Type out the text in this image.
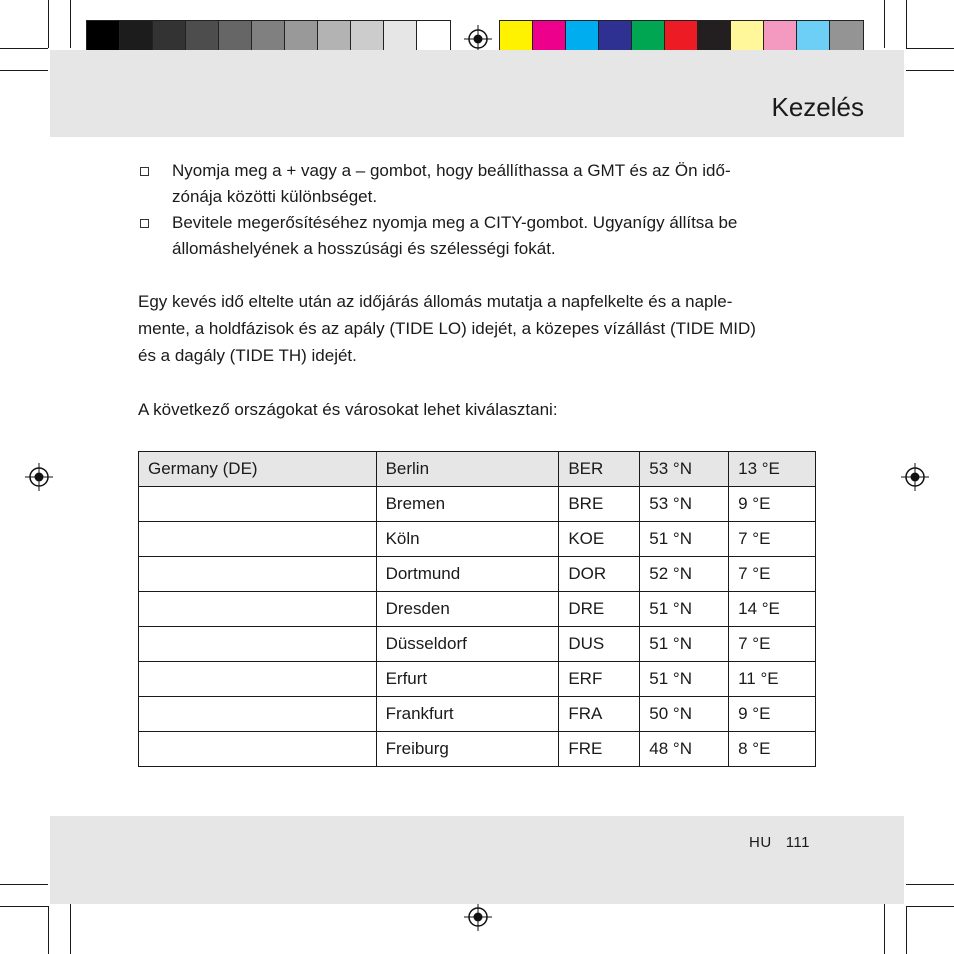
Kezelés
Nyomja meg a + vagy a – gombot, hogy beállíthassa a GMT és az Ön idő-
zónája közötti különbséget.
Bevitele megerősítéséhez nyomja meg a CITY-gombot. Ugyanígy állítsa be
állomáshelyének a hosszúsági és szélességi fokát.

Egy kevés idő eltelte után az időjárás állomás mutatja a napfelkelte és a naple-
mente, a holdfázisok és az apály (TIDE LO) idejét, a közepes vízállást (TIDE MID)
és a dagály (TIDE TH) idejét.

A következő országokat és városokat lehet kiválasztani:

Germany (DE)	Berlin	BER	53 °N	13 °E
	Bremen	BRE	53 °N	9 °E
	Köln	KOE	51 °N	7 °E
	Dortmund	DOR	52 °N	7 °E
	Dresden	DRE	51 °N	14 °E
	Düsseldorf	DUS	51 °N	7 °E
	Erfurt	ERF	51 °N	11 °E
	Frankfurt	FRA	50 °N	9 °E
	Freiburg	FRE	48 °N	8 °E
HU 111
